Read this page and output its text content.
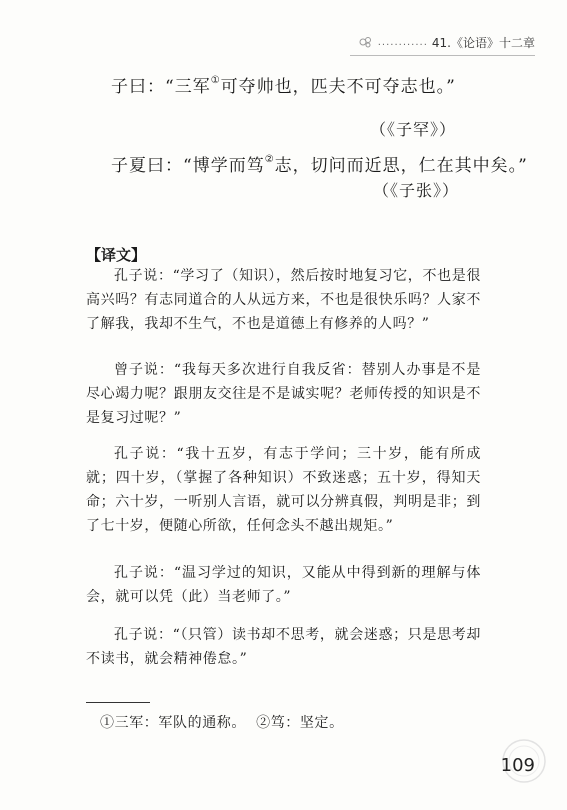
............ 41.《论语》十二章
子曰：“三军①可夺帅也，匹夫不可夺志也。”
（《子罕》）
子夏曰：“博学而笃②志，切问而近思，仁在其中矣。”
（《子张》）
【译文】
孔子说：“学习了（知识），然后按时地复习它，不也是很高兴吗？有志同道合的人从远方来，不也是很快乐吗？人家不了解我，我却不生气，不也是道德上有修养的人吗？”
曾子说：“我每天多次进行自我反省：替别人办事是不是尽心竭力呢？跟朋友交往是不是诚实呢？老师传授的知识是不是复习过呢？”
孔子说：“我十五岁，有志于学问；三十岁，能有所成就；四十岁，（掌握了各种知识）不致迷惑；五十岁，得知天命；六十岁，一听别人言语，就可以分辨真假，判明是非；到了七十岁，便随心所欲，任何念头不越出规矩。”
孔子说：“温习学过的知识，又能从中得到新的理解与体会，就可以凭（此）当老师了。”
孔子说：“（只管）读书却不思考，就会迷惑；只是思考却不读书，就会精神倦怠。”
①三军：军队的通称。  ②笃：坚定。
109
